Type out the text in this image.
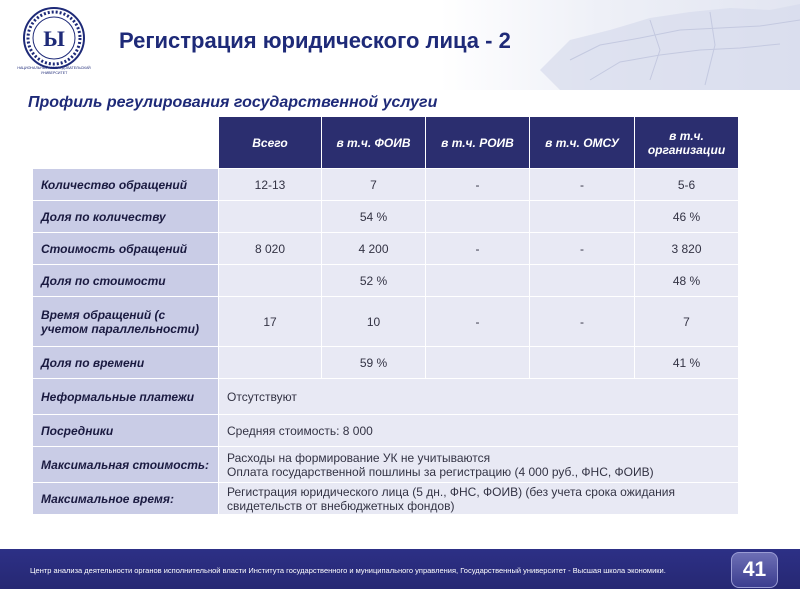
Ы
НАЦИОНАЛЬНЫЙ ИССЛЕДОВАТЕЛЬСКИЙ УНИВЕРСИТЕТ
Регистрация юридического лица - 2
Профиль регулирования государственной услуги
	Всего	в т.ч. ФОИВ	в т.ч. РОИВ	в т.ч. ОМСУ	в т.ч. организации
Количество обращений	12-13	7	-	-	5-6
Доля по количеству		54 %			46 %
Стоимость обращений	8 020	4 200	-	-	3 820
Доля по стоимости		52 %			48 %
Время обращений (с учетом параллельности)	17	10	-	-	7
Доля по времени		59 %			41 %
Неформальные платежи	Отсутствуют				
Посредники	Средняя стоимость: 8 000				
Максимальная стоимость:	Расходы на формирование УК не учитываются
Оплата государственной пошлины за регистрацию (4 000 руб., ФНС, ФОИВ)				

Максимальное время:	Регистрация юридического лица (5 дн., ФНС, ФОИВ) (без учета срока ожидания свидетельств от внебюджетных фондов)				
Центр анализа деятельности органов исполнительной власти Института государственного и муниципального управления, Государственный университет - Высшая школа экономики.	41
